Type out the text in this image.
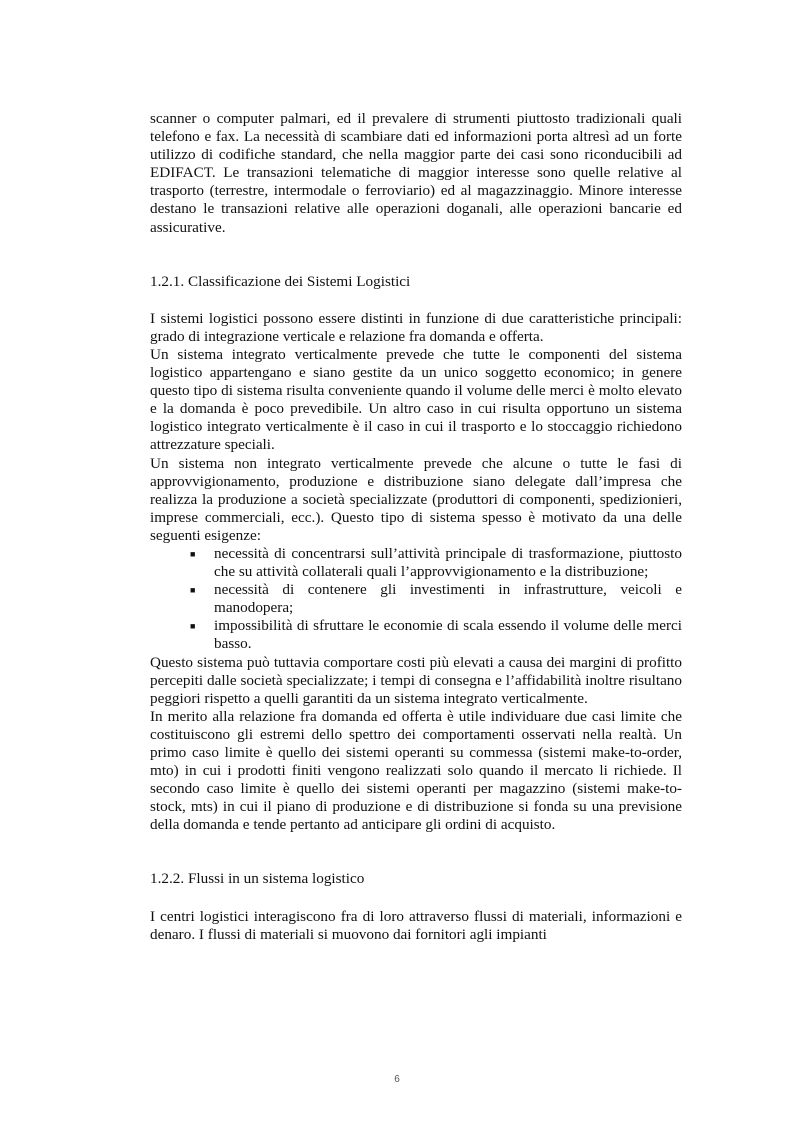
scanner o computer palmari, ed il prevalere di strumenti piuttosto tradizionali quali telefono e fax. La necessità di scambiare dati ed informazioni porta altresì ad un forte utilizzo di codifiche standard, che nella maggior parte dei casi sono riconducibili ad EDIFACT. Le transazioni telematiche di maggior interesse sono quelle relative al trasporto (terrestre, intermodale o ferroviario) ed al magazzinaggio. Minore interesse destano le transazioni relative alle operazioni doganali, alle operazioni bancarie ed assicurative.

1.2.1. Classificazione dei Sistemi Logistici

I sistemi logistici possono essere distinti in funzione di due caratteristiche principali: grado di integrazione verticale e relazione fra domanda e offerta.

Un sistema integrato verticalmente prevede che tutte le componenti del sistema logistico appartengano e siano gestite da un unico soggetto economico; in genere questo tipo di sistema risulta conveniente quando il volume delle merci è molto elevato e la domanda è poco prevedibile. Un altro caso in cui risulta opportuno un sistema logistico integrato verticalmente è il caso in cui il trasporto e lo stoccaggio richiedono attrezzature speciali.

Un sistema non integrato verticalmente prevede che alcune o tutte le fasi di approvvigionamento, produzione e distribuzione siano delegate dall’impresa che realizza la produzione a società specializzate (produttori di componenti, spedizionieri, imprese commerciali, ecc.). Questo tipo di sistema spesso è motivato da una delle seguenti esigenze:

■ necessità di concentrarsi sull’attività principale di trasformazione, piuttosto che su attività collaterali quali l’approvvigionamento e la distribuzione;
■ necessità di contenere gli investimenti in infrastrutture, veicoli e manodopera;
■ impossibilità di sfruttare le economie di scala essendo il volume delle merci basso.

Questo sistema può tuttavia comportare costi più elevati a causa dei margini di profitto percepiti dalle società specializzate; i tempi di consegna e l’affidabilità inoltre risultano peggiori rispetto a quelli garantiti da un sistema integrato verticalmente.

In merito alla relazione fra domanda ed offerta è utile individuare due casi limite che costituiscono gli estremi dello spettro dei comportamenti osservati nella realtà. Un primo caso limite è quello dei sistemi operanti su commessa (sistemi make-to-order, mto) in cui i prodotti finiti vengono realizzati solo quando il mercato li richiede. Il secondo caso limite è quello dei sistemi operanti per magazzino (sistemi make-to-stock, mts) in cui il piano di produzione e di distribuzione si fonda su una previsione della domanda e tende pertanto ad anticipare gli ordini di acquisto.

1.2.2. Flussi in un sistema logistico

I centri logistici interagiscono fra di loro attraverso flussi di materiali, informazioni e denaro. I flussi di materiali si muovono dai fornitori agli impianti

6
